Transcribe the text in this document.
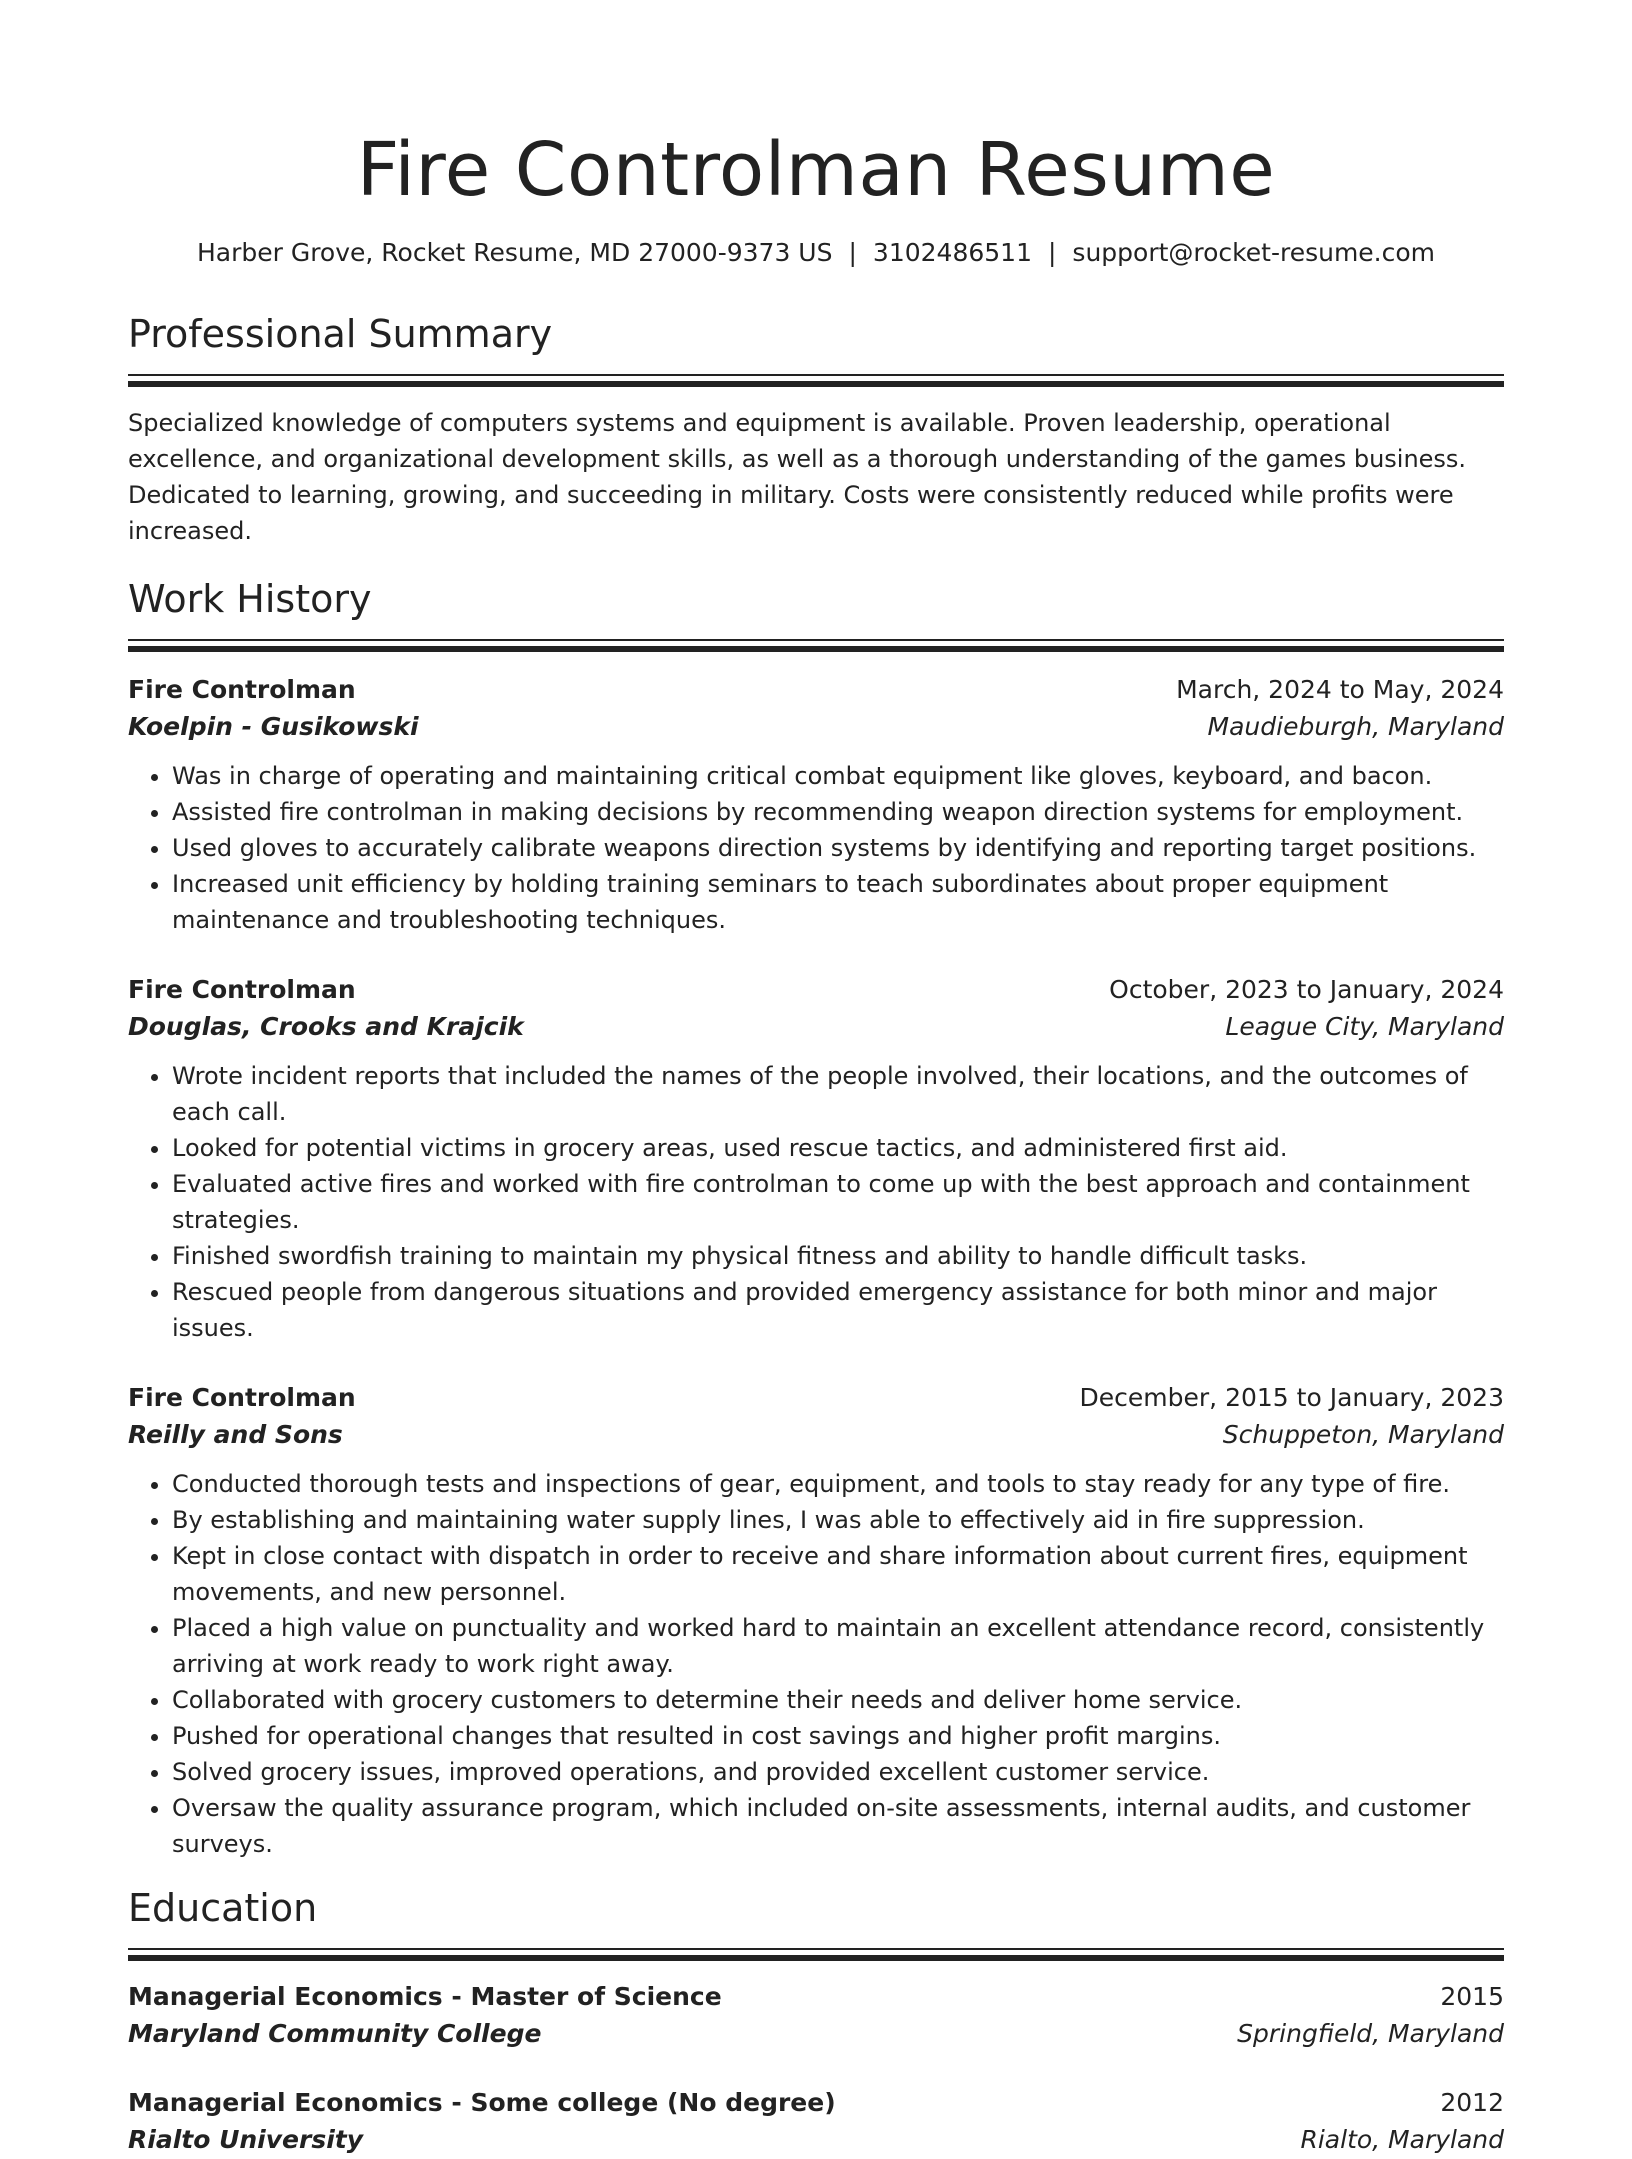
Fire Controlman Resume
Harber Grove, Rocket Resume, MD 27000-9373 US | 3102486511 | support@rocket-resume.com
Professional Summary
Specialized knowledge of computers systems and equipment is available. Proven leadership, operational excellence, and organizational development skills, as well as a thorough understanding of the games business. Dedicated to learning, growing, and succeeding in military. Costs were consistently reduced while profits were increased.
Work History
Fire Controlman	March, 2024 to May, 2024
Koelpin - Gusikowski	Maudieburgh, Maryland
• Was in charge of operating and maintaining critical combat equipment like gloves, keyboard, and bacon.
• Assisted fire controlman in making decisions by recommending weapon direction systems for employment.
• Used gloves to accurately calibrate weapons direction systems by identifying and reporting target positions.
• Increased unit efficiency by holding training seminars to teach subordinates about proper equipment maintenance and troubleshooting techniques.
Fire Controlman	October, 2023 to January, 2024
Douglas, Crooks and Krajcik	League City, Maryland
• Wrote incident reports that included the names of the people involved, their locations, and the outcomes of each call.
• Looked for potential victims in grocery areas, used rescue tactics, and administered first aid.
• Evaluated active fires and worked with fire controlman to come up with the best approach and containment strategies.
• Finished swordfish training to maintain my physical fitness and ability to handle difficult tasks.
• Rescued people from dangerous situations and provided emergency assistance for both minor and major issues.
Fire Controlman	December, 2015 to January, 2023
Reilly and Sons	Schuppeton, Maryland
• Conducted thorough tests and inspections of gear, equipment, and tools to stay ready for any type of fire.
• By establishing and maintaining water supply lines, I was able to effectively aid in fire suppression.
• Kept in close contact with dispatch in order to receive and share information about current fires, equipment movements, and new personnel.
• Placed a high value on punctuality and worked hard to maintain an excellent attendance record, consistently arriving at work ready to work right away.
• Collaborated with grocery customers to determine their needs and deliver home service.
• Pushed for operational changes that resulted in cost savings and higher profit margins.
• Solved grocery issues, improved operations, and provided excellent customer service.
• Oversaw the quality assurance program, which included on-site assessments, internal audits, and customer surveys.
Education
Managerial Economics - Master of Science	2015
Maryland Community College	Springfield, Maryland
Managerial Economics - Some college (No degree)	2012
Rialto University	Rialto, Maryland
